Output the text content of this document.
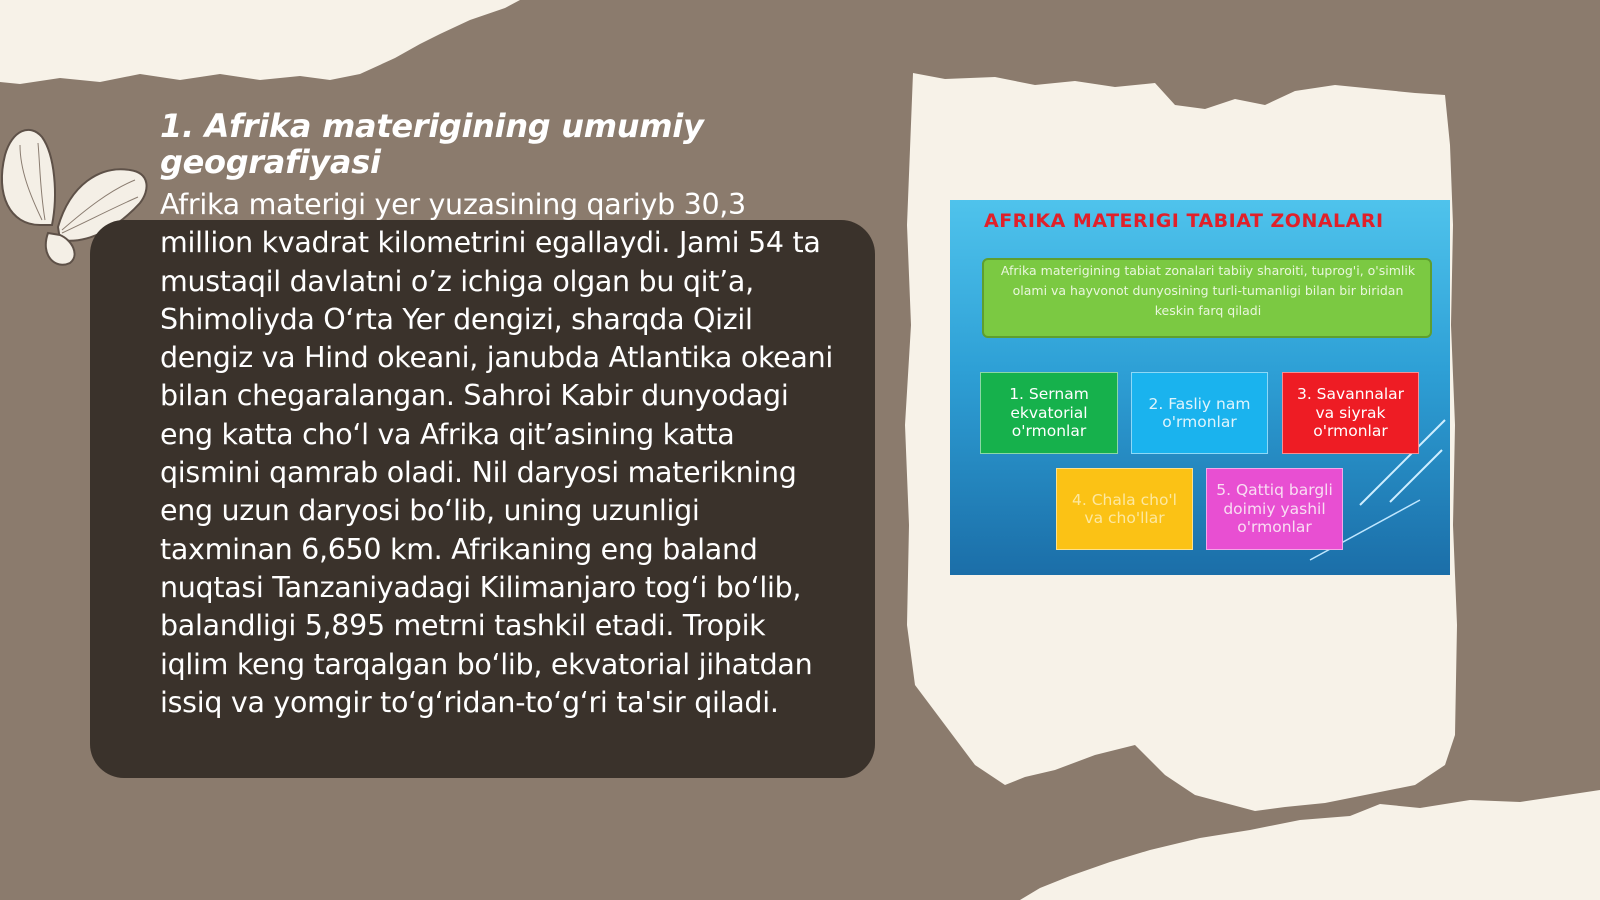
1. Afrika materigining umumiy geografiyasi

Afrika materigi yer yuzasining qariyb 30,3 million kvadrat kilometrini egallaydi. Jami 54 ta mustaqil davlatni o’z ichiga olgan bu qit’a, Shimoliyda O‘rta Yer dengizi, sharqda Qizil dengiz va Hind okeani, janubda Atlantika okeani bilan chegaralangan. Sahroi Kabir dunyodagi eng katta cho‘l va Afrika qit’asining katta qismini qamrab oladi. Nil daryosi materikning eng uzun daryosi bo‘lib, uning uzunligi taxminan 6,650 km. Afrikaning eng baland nuqtasi Tanzaniyadagi Kilimanjaro tog‘i bo‘lib, balandligi 5,895 metrni tashkil etadi. Tropik iqlim keng tarqalgan bo‘lib, ekvatorial jihatdan issiq va yomgir to‘g‘ridan-to‘g‘ri ta'sir qiladi.

AFRIKA MATERIGI TABIAT ZONALARI
Afrika materigining tabiat zonalari tabiiy sharoiti, tuprog'i, o'simlik olami va hayvonot dunyosining turli-tumanligi bilan bir biridan keskin farq qiladi
1. Sernam ekvatorial o'rmonlar
2. Fasliy nam o'rmonlar
3. Savannalar va siyrak o'rmonlar
4. Chala cho'l va cho'llar
5. Qattiq bargli doimiy yashil o'rmonlar
